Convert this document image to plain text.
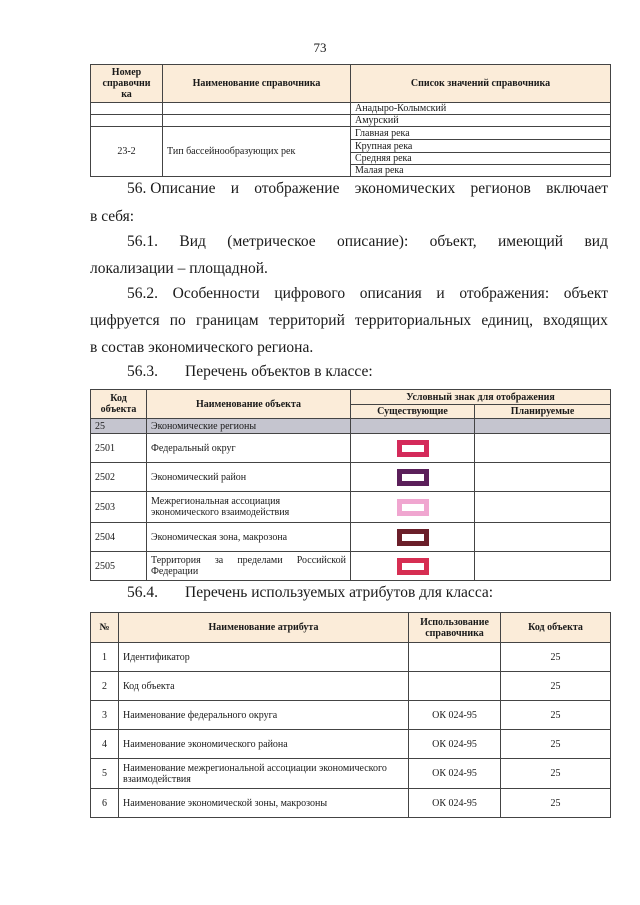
73
Номер
справочни
ка	Наименование справочника	Список значений справочника
		Анадыро-Колымский
		Амурский
23-2	Тип бассейнообразующих рек	Главная река
		Крупная река
		Средняя река
		Малая река
56. Описание и отображение экономических регионов включает
в себя:
56.1. Вид (метрическое описание): объект, имеющий вид
локализации – площадной.
56.2. Особенности цифрового описания и отображения: объект
цифруется по границам территорий территориальных единиц, входящих
в состав экономического региона.
56.3. Перечень объектов в классе:
Код объекта	Наименование объекта	Условный знак для отображения	
		Существующие	Планируемые
25	Экономические регионы		
2501	Федеральный округ	

2502	Экономический район	

2503	Межрегиональная ассоциация экономического взаимодействия	

2504	Экономическая зона, макрозона	

2505	Территория за пределами Российской Федерации	

56.4. Перечень используемых атрибутов для класса:
№	Наименование атрибута	Использование справочника	Код объекта
1	Идентификатор		25
2	Код объекта		25
3	Наименование федерального округа	ОК 024-95	25
4	Наименование экономического района	ОК 024-95	25
5	Наименование межрегиональной ассоциации экономического взаимодействия	ОК 024-95	25
6	Наименование экономической зоны, макрозоны	ОК 024-95	25
